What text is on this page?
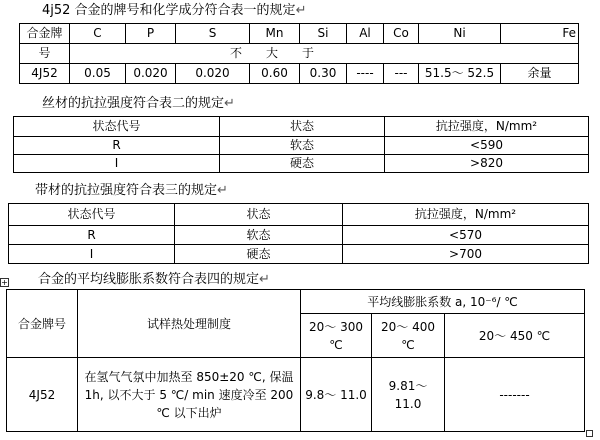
4j52 合金的牌号和化学成分符合表一的规定↵
合金牌	C	P	S	Mn	Si	Al	Co	Ni	Fe
号	不　　大　　于								
4J52	0.05	0.020	0.020	0.60	0.30	----	---	51.5～ 52.5	余量
丝材的抗拉强度符合表二的规定↵
状态代号	状态	抗拉强度，N/mm²
R	软态	<590
I	硬态	>820
带材的抗拉强度符合表三的规定↵
状态代号	状态	抗拉强度，N/mm²
R	软态	<570
I	硬态	>700
+ 合金的平均线膨胀系数符合表四的规定↵
合金牌号	试样热处理制度	平均线膨胀系数 a, 10⁻⁶/ ℃		
		20～ 300 ℃	20～ 400 ℃	20～ 450 ℃
4J52	在氢气气氛中加热至 850±20 ℃, 保温 1h, 以不大于 5 ℃/ min 速度冷至 200 ℃ 以下出炉	9.8～ 11.0	9.81～ 11.0	-------
